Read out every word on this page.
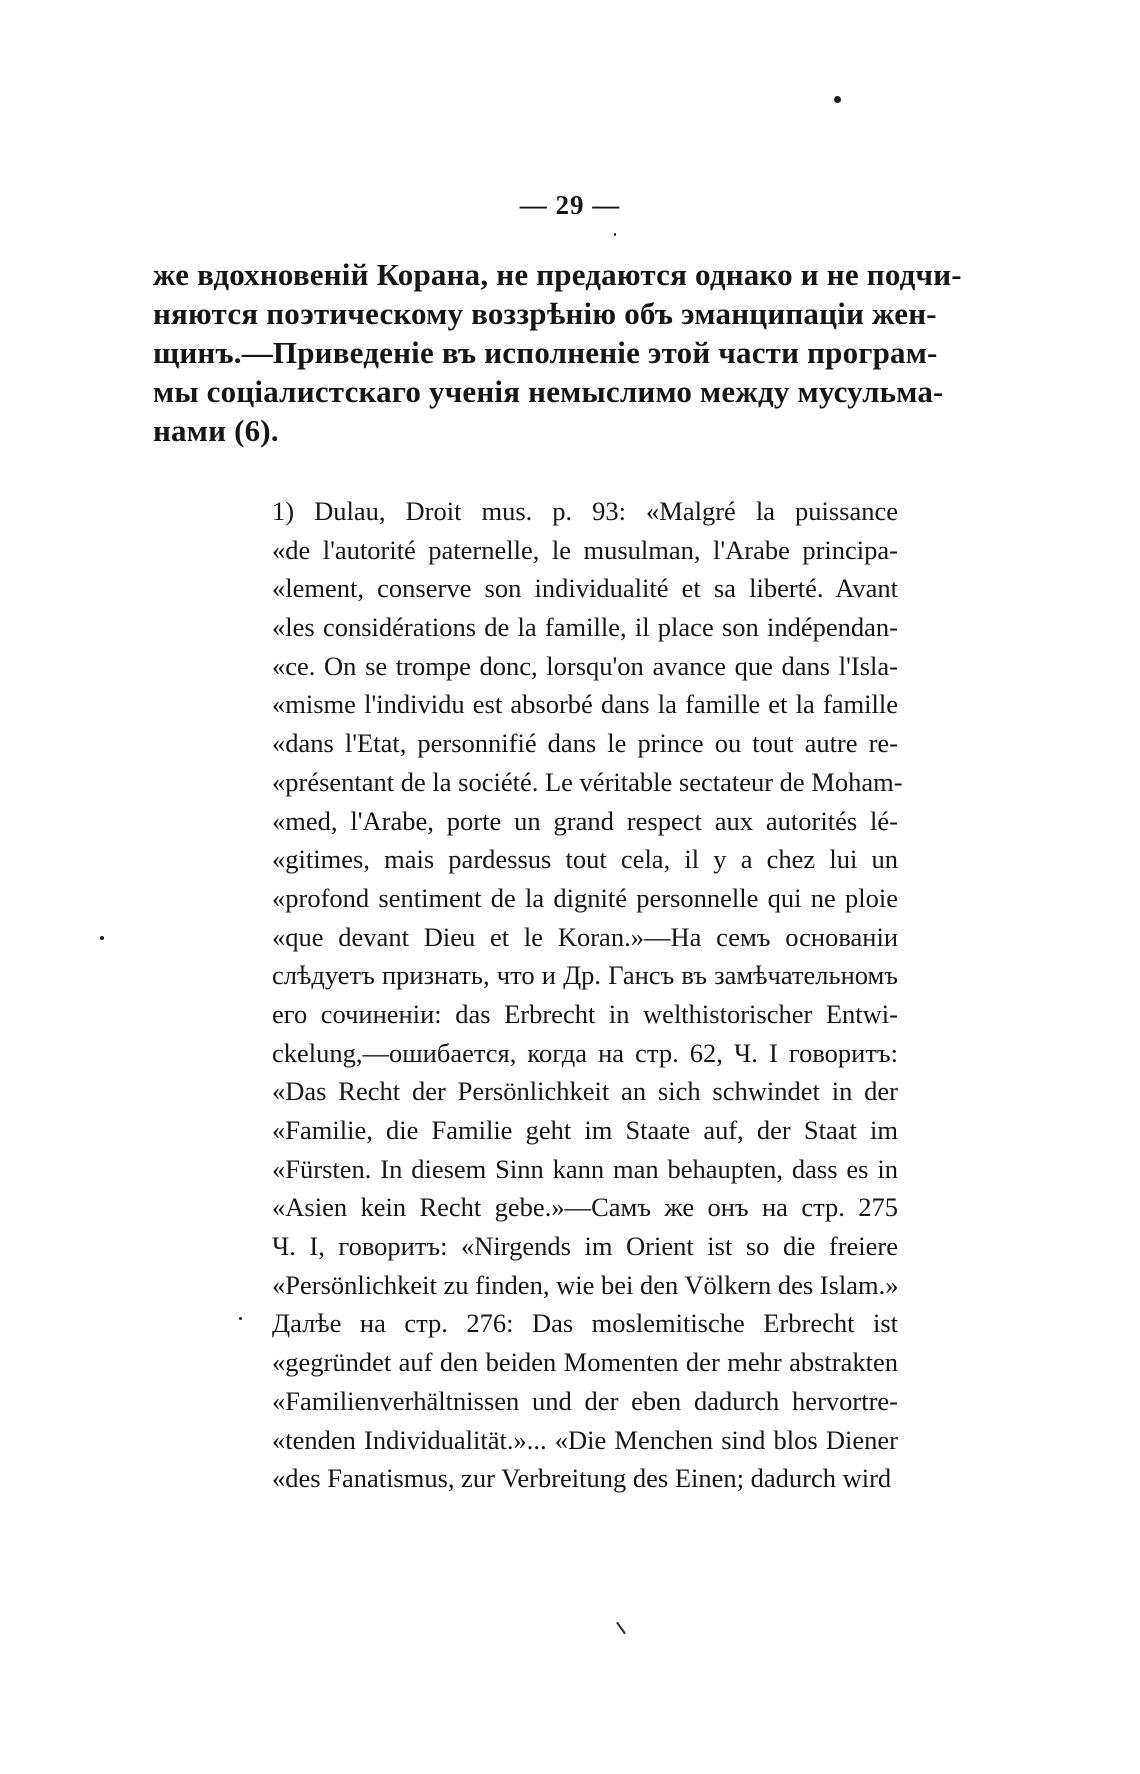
— 29 —
же вдохновеній Корана, не предаются однако и не подчи-
няются поэтическому воззрѣнію объ эманципаціи жен-
щинъ.—Приведеніе въ исполненіе этой части програм-
мы соціалистскаго ученія немыслимо между мусульма-
нами (6).
1) Dulau, Droit mus. p. 93: «Malgré la puissance
«de l'autorité paternelle, le musulman, l'Arabe principa-
«lement, conserve son individualité et sa liberté. Avant
«les considérations de la famille, il place son indépendan-
«ce. On se trompe donc, lorsqu'on avance que dans l'Isla-
«misme l'individu est absorbé dans la famille et la famille
«dans l'Etat, personnifié dans le prince ou tout autre re-
«présentant de la société. Le véritable sectateur de Moham-
«med, l'Arabe, porte un grand respect aux autorités lé-
«gitimes, mais pardessus tout cela, il y a chez lui un
«profond sentiment de la dignité personnelle qui ne ploie
«que devant Dieu et le Koran.»—На семъ основаніи
слѣдуетъ признать, что и Др. Гансъ въ замѣчательномъ
его сочиненіи: das Erbrecht in welthistorischer Entwi-
ckelung,—ошибается, когда на стр. 62, Ч. I говоритъ:
«Das Recht der Persönlichkeit an sich schwindet in der
«Familie, die Familie geht im Staate auf, der Staat im
«Fürsten. In diesem Sinn kann man behaupten, dass es in
«Asien kein Recht gebe.»—Самъ же онъ на стр. 275
Ч. I, говоритъ: «Nirgends im Orient ist so die freiere
«Persönlichkeit zu finden, wie bei den Völkern des Islam.»
Далѣе на стр. 276: Das moslemitische Erbrecht ist
«gegründet auf den beiden Momenten der mehr abstrakten
«Familienverhältnissen und der eben dadurch hervortre-
«tenden Individualität.»... «Die Menchen sind blos Diener
«des Fanatismus, zur Verbreitung des Einen; dadurch wird
